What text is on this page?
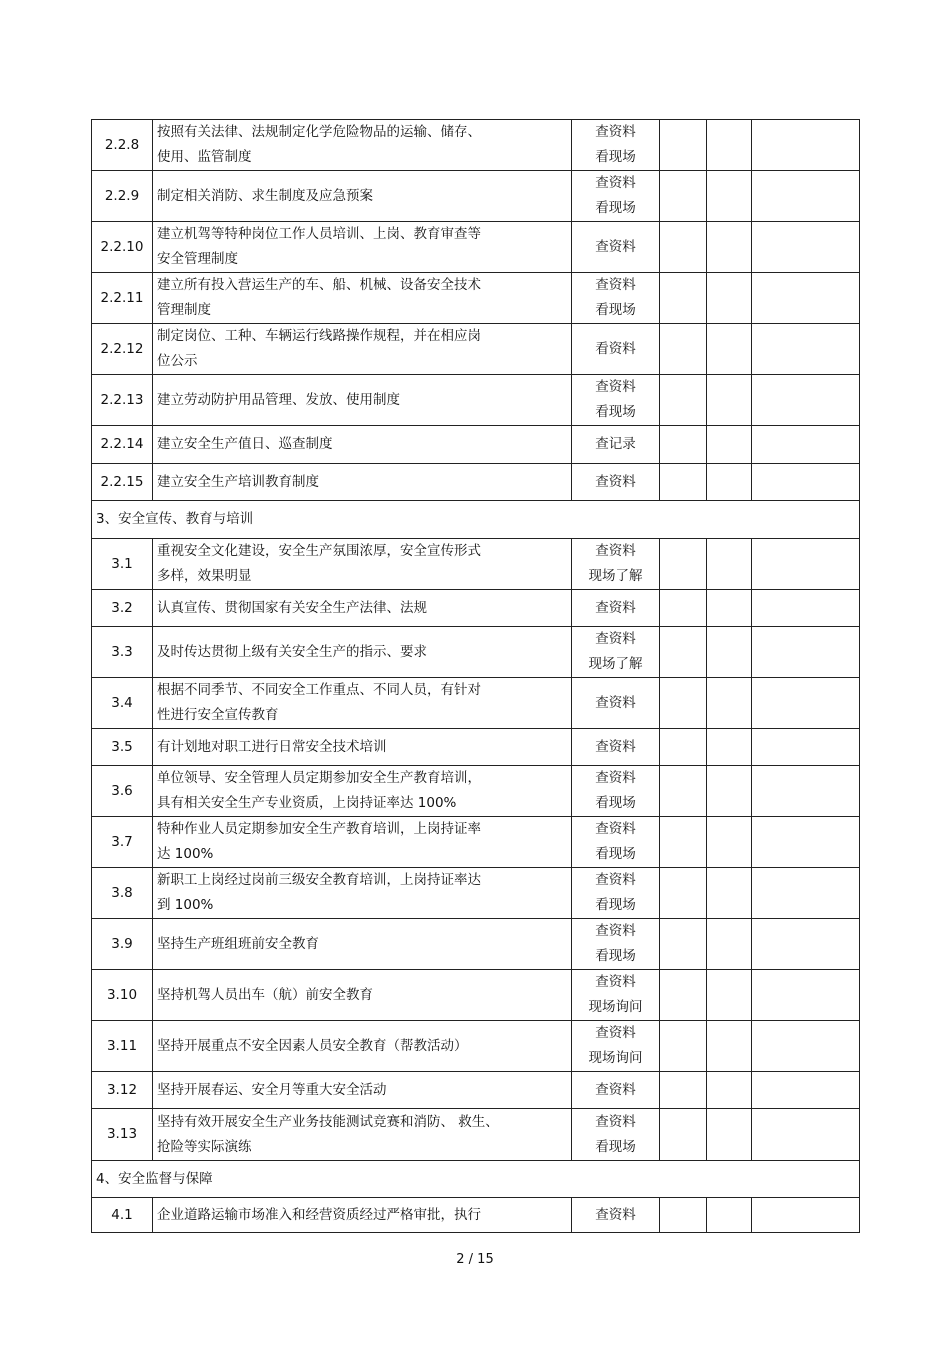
2.2.8	按照有关法律、法规制定化学危险物品的运输、储存、
使用、监管制度	查资料
看现场			

2.2.9	制定相关消防、求生制度及应急预案	查资料
看现场			

2.2.10	建立机驾等特种岗位工作人员培训、上岗、教育审查等
安全管理制度	查资料			

2.2.11	建立所有投入营运生产的车、船、机械、设备安全技术
管理制度	查资料
看现场			

2.2.12	制定岗位、工种、车辆运行线路操作规程，并在相应岗
位公示	看资料			

2.2.13	建立劳动防护用品管理、发放、使用制度	查资料
看现场			

2.2.14	建立安全生产值日、巡查制度	查记录			

2.2.15	建立安全生产培训教育制度	查资料			

3、安全宣传、教育与培训					
3.1	重视安全文化建设，安全生产氛围浓厚，安全宣传形式
多样，效果明显	查资料
现场了解			

3.2	认真宣传、贯彻国家有关安全生产法律、法规	查资料			

3.3	及时传达贯彻上级有关安全生产的指示、要求	查资料
现场了解			

3.4	根据不同季节、不同安全工作重点、不同人员，有针对
性进行安全宣传教育	查资料			

3.5	有计划地对职工进行日常安全技术培训	查资料			

3.6	单位领导、安全管理人员定期参加安全生产教育培训，
具有相关安全生产专业资质，上岗持证率达 100%	查资料
看现场			

3.7	特种作业人员定期参加安全生产教育培训，上岗持证率
达 100%	查资料
看现场			

3.8	新职工上岗经过岗前三级安全教育培训，上岗持证率达
到 100%	查资料
看现场			

3.9	坚持生产班组班前安全教育	查资料
看现场			

3.10	坚持机驾人员出车（航）前安全教育	查资料
现场询问			

3.11	坚持开展重点不安全因素人员安全教育（帮教活动）	查资料
现场询问			

3.12	坚持开展春运、安全月等重大安全活动	查资料			

3.13	坚持有效开展安全生产业务技能测试竞赛和消防、 救生、
抢险等实际演练	查资料
看现场			

4、安全监督与保障					
4.1	企业道路运输市场准入和经营资质经过严格审批，执行	查资料			

2 / 15
